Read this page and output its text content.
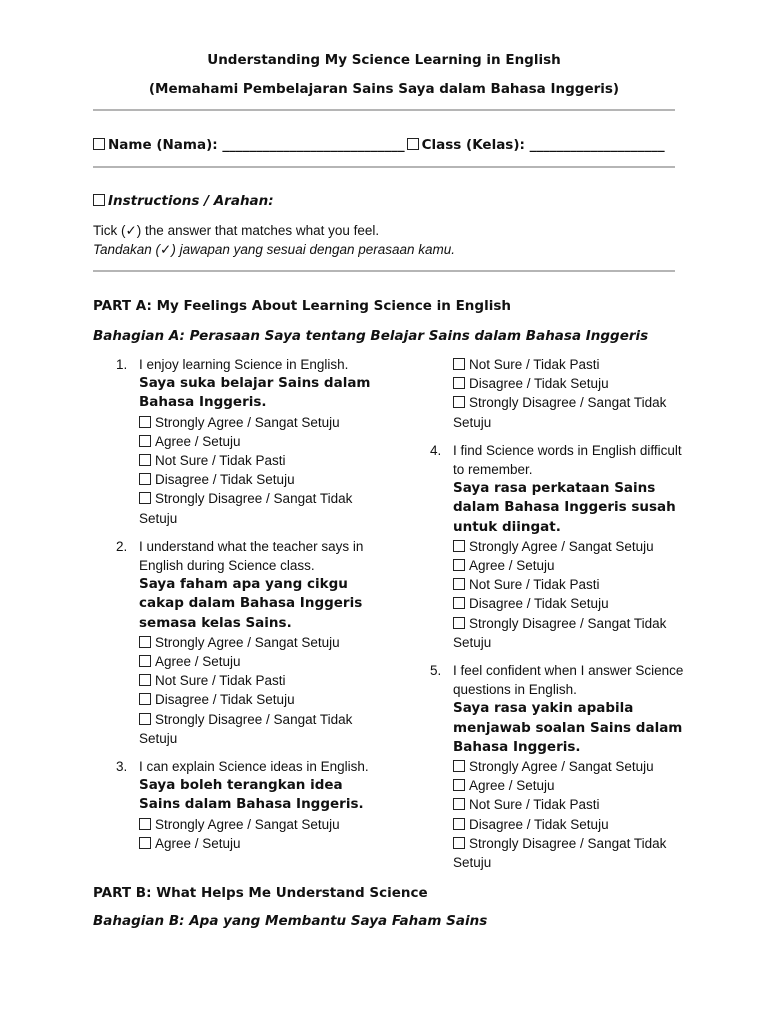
Understanding My Science Learning in English
(Memahami Pembelajaran Sains Saya dalam Bahasa Inggeris)
Name (Nama): ___________________________ Class (Kelas): ____________________
Instructions / Arahan:
Tick (✓) the answer that matches what you feel.
Tandakan (✓) jawapan yang sesuai dengan perasaan kamu.
PART A: My Feelings About Learning Science in English
Bahagian A: Perasaan Saya tentang Belajar Sains dalam Bahasa Inggeris
1. I enjoy learning Science in English.
Saya suka belajar Sains dalam Bahasa Inggeris.
Strongly Agree / Sangat Setuju
Agree / Setuju
Not Sure / Tidak Pasti
Disagree / Tidak Setuju
Strongly Disagree / Sangat Tidak Setuju
2. I understand what the teacher says in English during Science class.
Saya faham apa yang cikgu cakap dalam Bahasa Inggeris semasa kelas Sains.
Strongly Agree / Sangat Setuju
Agree / Setuju
Not Sure / Tidak Pasti
Disagree / Tidak Setuju
Strongly Disagree / Sangat Tidak Setuju
3. I can explain Science ideas in English.
Saya boleh terangkan idea Sains dalam Bahasa Inggeris.
Strongly Agree / Sangat Setuju
Agree / Setuju
Not Sure / Tidak Pasti
Disagree / Tidak Setuju
Strongly Disagree / Sangat Tidak Setuju
4. I find Science words in English difficult to remember.
Saya rasa perkataan Sains dalam Bahasa Inggeris susah untuk diingat.
Strongly Agree / Sangat Setuju
Agree / Setuju
Not Sure / Tidak Pasti
Disagree / Tidak Setuju
Strongly Disagree / Sangat Tidak Setuju
5. I feel confident when I answer Science questions in English.
Saya rasa yakin apabila menjawab soalan Sains dalam Bahasa Inggeris.
Strongly Agree / Sangat Setuju
Agree / Setuju
Not Sure / Tidak Pasti
Disagree / Tidak Setuju
Strongly Disagree / Sangat Tidak Setuju
PART B: What Helps Me Understand Science
Bahagian B: Apa yang Membantu Saya Faham Sains
